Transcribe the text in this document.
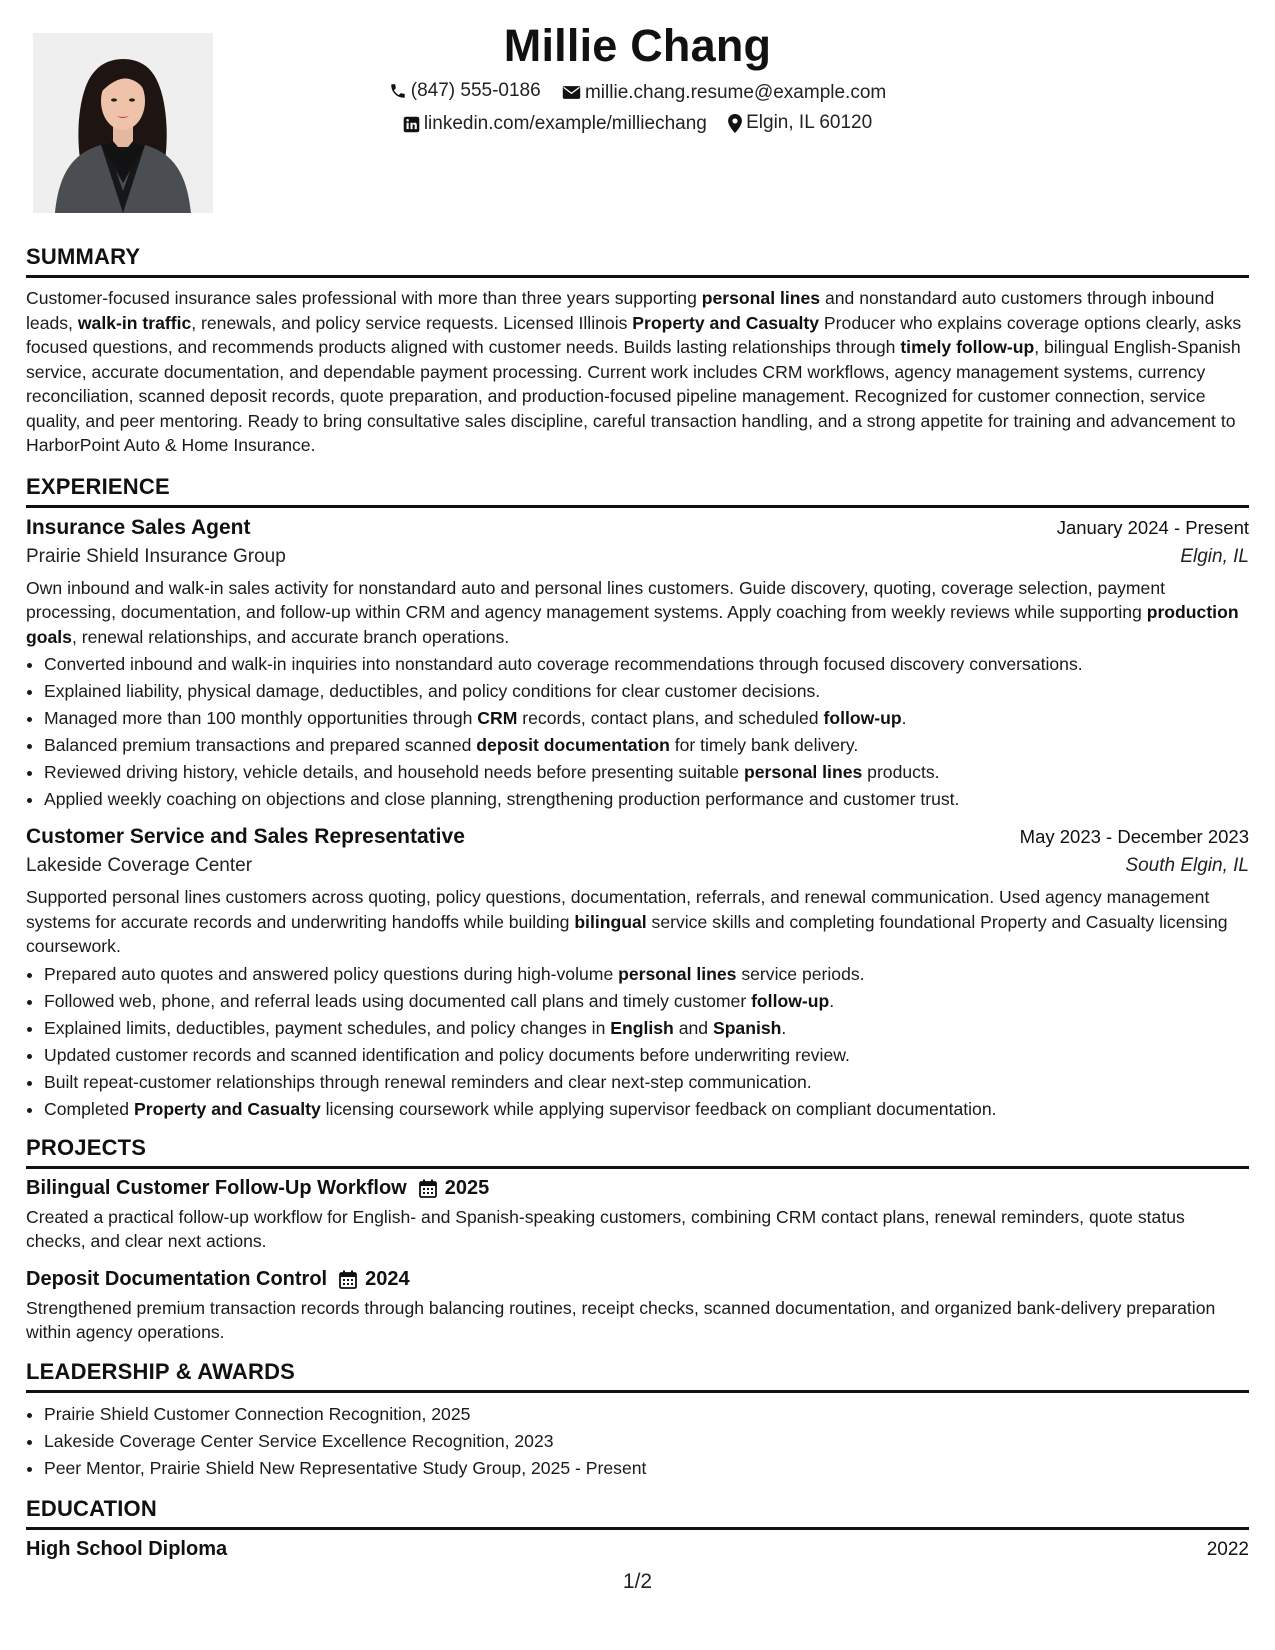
Millie Chang
(847) 555-0186
millie.chang.resume@example.com
linkedin.com/example/milliechang
Elgin, IL 60120
SUMMARY

Customer-focused insurance sales professional with more than three years supporting personal lines and nonstandard auto customers through inbound leads, walk-in traffic, renewals, and policy service requests. Licensed Illinois Property and Casualty Producer who explains coverage options clearly, asks focused questions, and recommends products aligned with customer needs. Builds lasting relationships through timely follow-up, bilingual English-Spanish service, accurate documentation, and dependable payment processing. Current work includes CRM workflows, agency management systems, currency reconciliation, scanned deposit records, quote preparation, and production-focused pipeline management. Recognized for customer connection, service quality, and peer mentoring. Ready to bring consultative sales discipline, careful transaction handling, and a strong appetite for training and advancement to HarborPoint Auto & Home Insurance.

EXPERIENCE
Insurance Sales Agent	January 2024 - Present
Prairie Shield Insurance Group	Elgin, IL

Own inbound and walk-in sales activity for nonstandard auto and personal lines customers. Guide discovery, quoting, coverage selection, payment processing, documentation, and follow-up within CRM and agency management systems. Apply coaching from weekly reviews while supporting production goals, renewal relationships, and accurate branch operations.

• Converted inbound and walk-in inquiries into nonstandard auto coverage recommendations through focused discovery conversations.
• Explained liability, physical damage, deductibles, and policy conditions for clear customer decisions.
• Managed more than 100 monthly opportunities through CRM records, contact plans, and scheduled follow-up.
• Balanced premium transactions and prepared scanned deposit documentation for timely bank delivery.
• Reviewed driving history, vehicle details, and household needs before presenting suitable personal lines products.
• Applied weekly coaching on objections and close planning, strengthening production performance and customer trust.
Customer Service and Sales Representative	May 2023 - December 2023
Lakeside Coverage Center	South Elgin, IL

Supported personal lines customers across quoting, policy questions, documentation, referrals, and renewal communication. Used agency management systems for accurate records and underwriting handoffs while building bilingual service skills and completing foundational Property and Casualty licensing coursework.

• Prepared auto quotes and answered policy questions during high-volume personal lines service periods.
• Followed web, phone, and referral leads using documented call plans and timely customer follow-up.
• Explained limits, deductibles, payment schedules, and policy changes in English and Spanish.
• Updated customer records and scanned identification and policy documents before underwriting review.
• Built repeat-customer relationships through renewal reminders and clear next-step communication.
• Completed Property and Casualty licensing coursework while applying supervisor feedback on compliant documentation.
PROJECTS
Bilingual Customer Follow-Up Workflow 2025

Created a practical follow-up workflow for English- and Spanish-speaking customers, combining CRM contact plans, renewal reminders, quote status checks, and clear next actions.

Deposit Documentation Control 2024

Strengthened premium transaction records through balancing routines, receipt checks, scanned documentation, and organized bank-delivery preparation within agency operations.

LEADERSHIP & AWARDS
• Prairie Shield Customer Connection Recognition, 2025
• Lakeside Coverage Center Service Excellence Recognition, 2023
• Peer Mentor, Prairie Shield New Representative Study Group, 2025 - Present
EDUCATION
High School Diploma	2022
1/2
